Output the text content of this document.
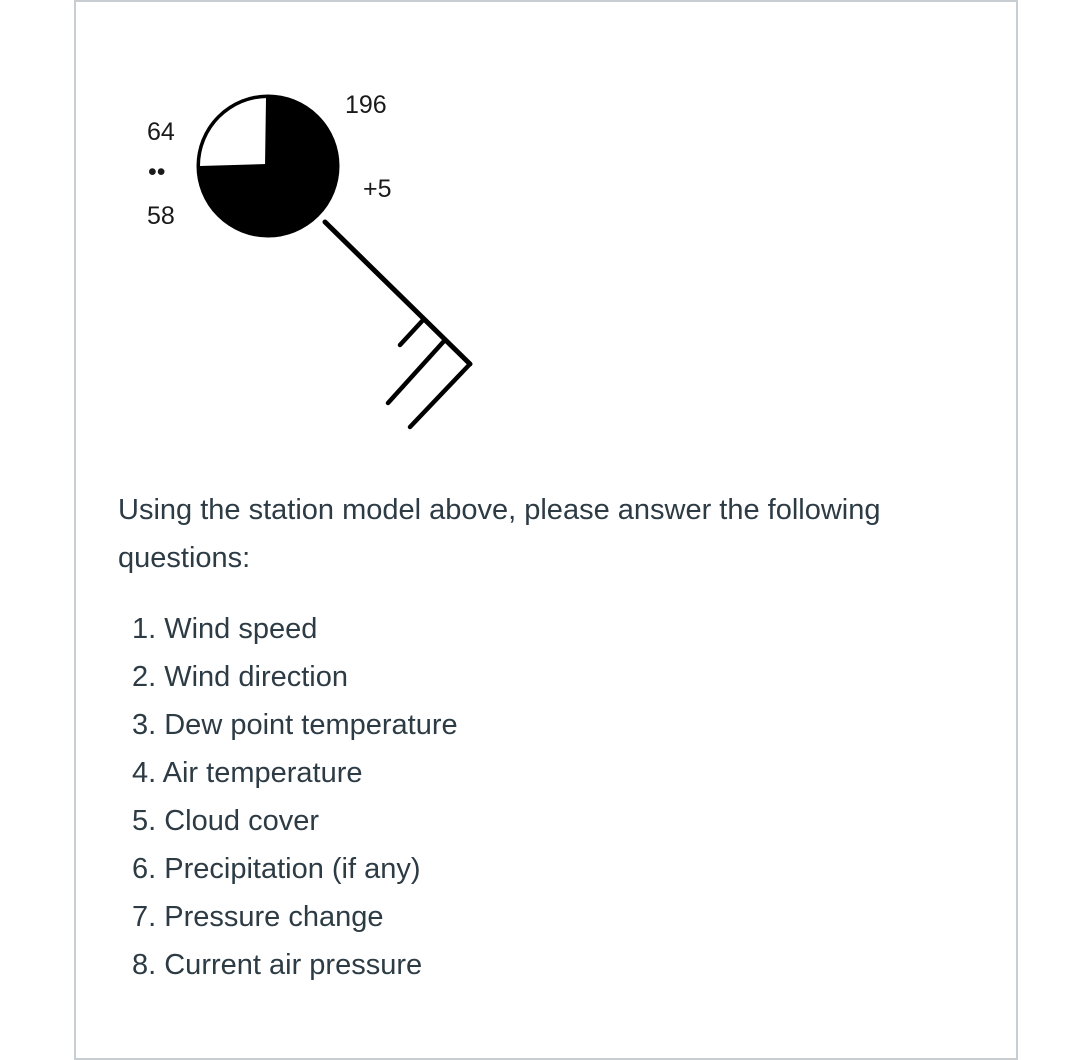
64
••
58
196
+5

Using the station model above, please answer the following questions:

1. Wind speed
2. Wind direction
3. Dew point temperature
4. Air temperature
5. Cloud cover
6. Precipitation (if any)
7. Pressure change
8. Current air pressure
